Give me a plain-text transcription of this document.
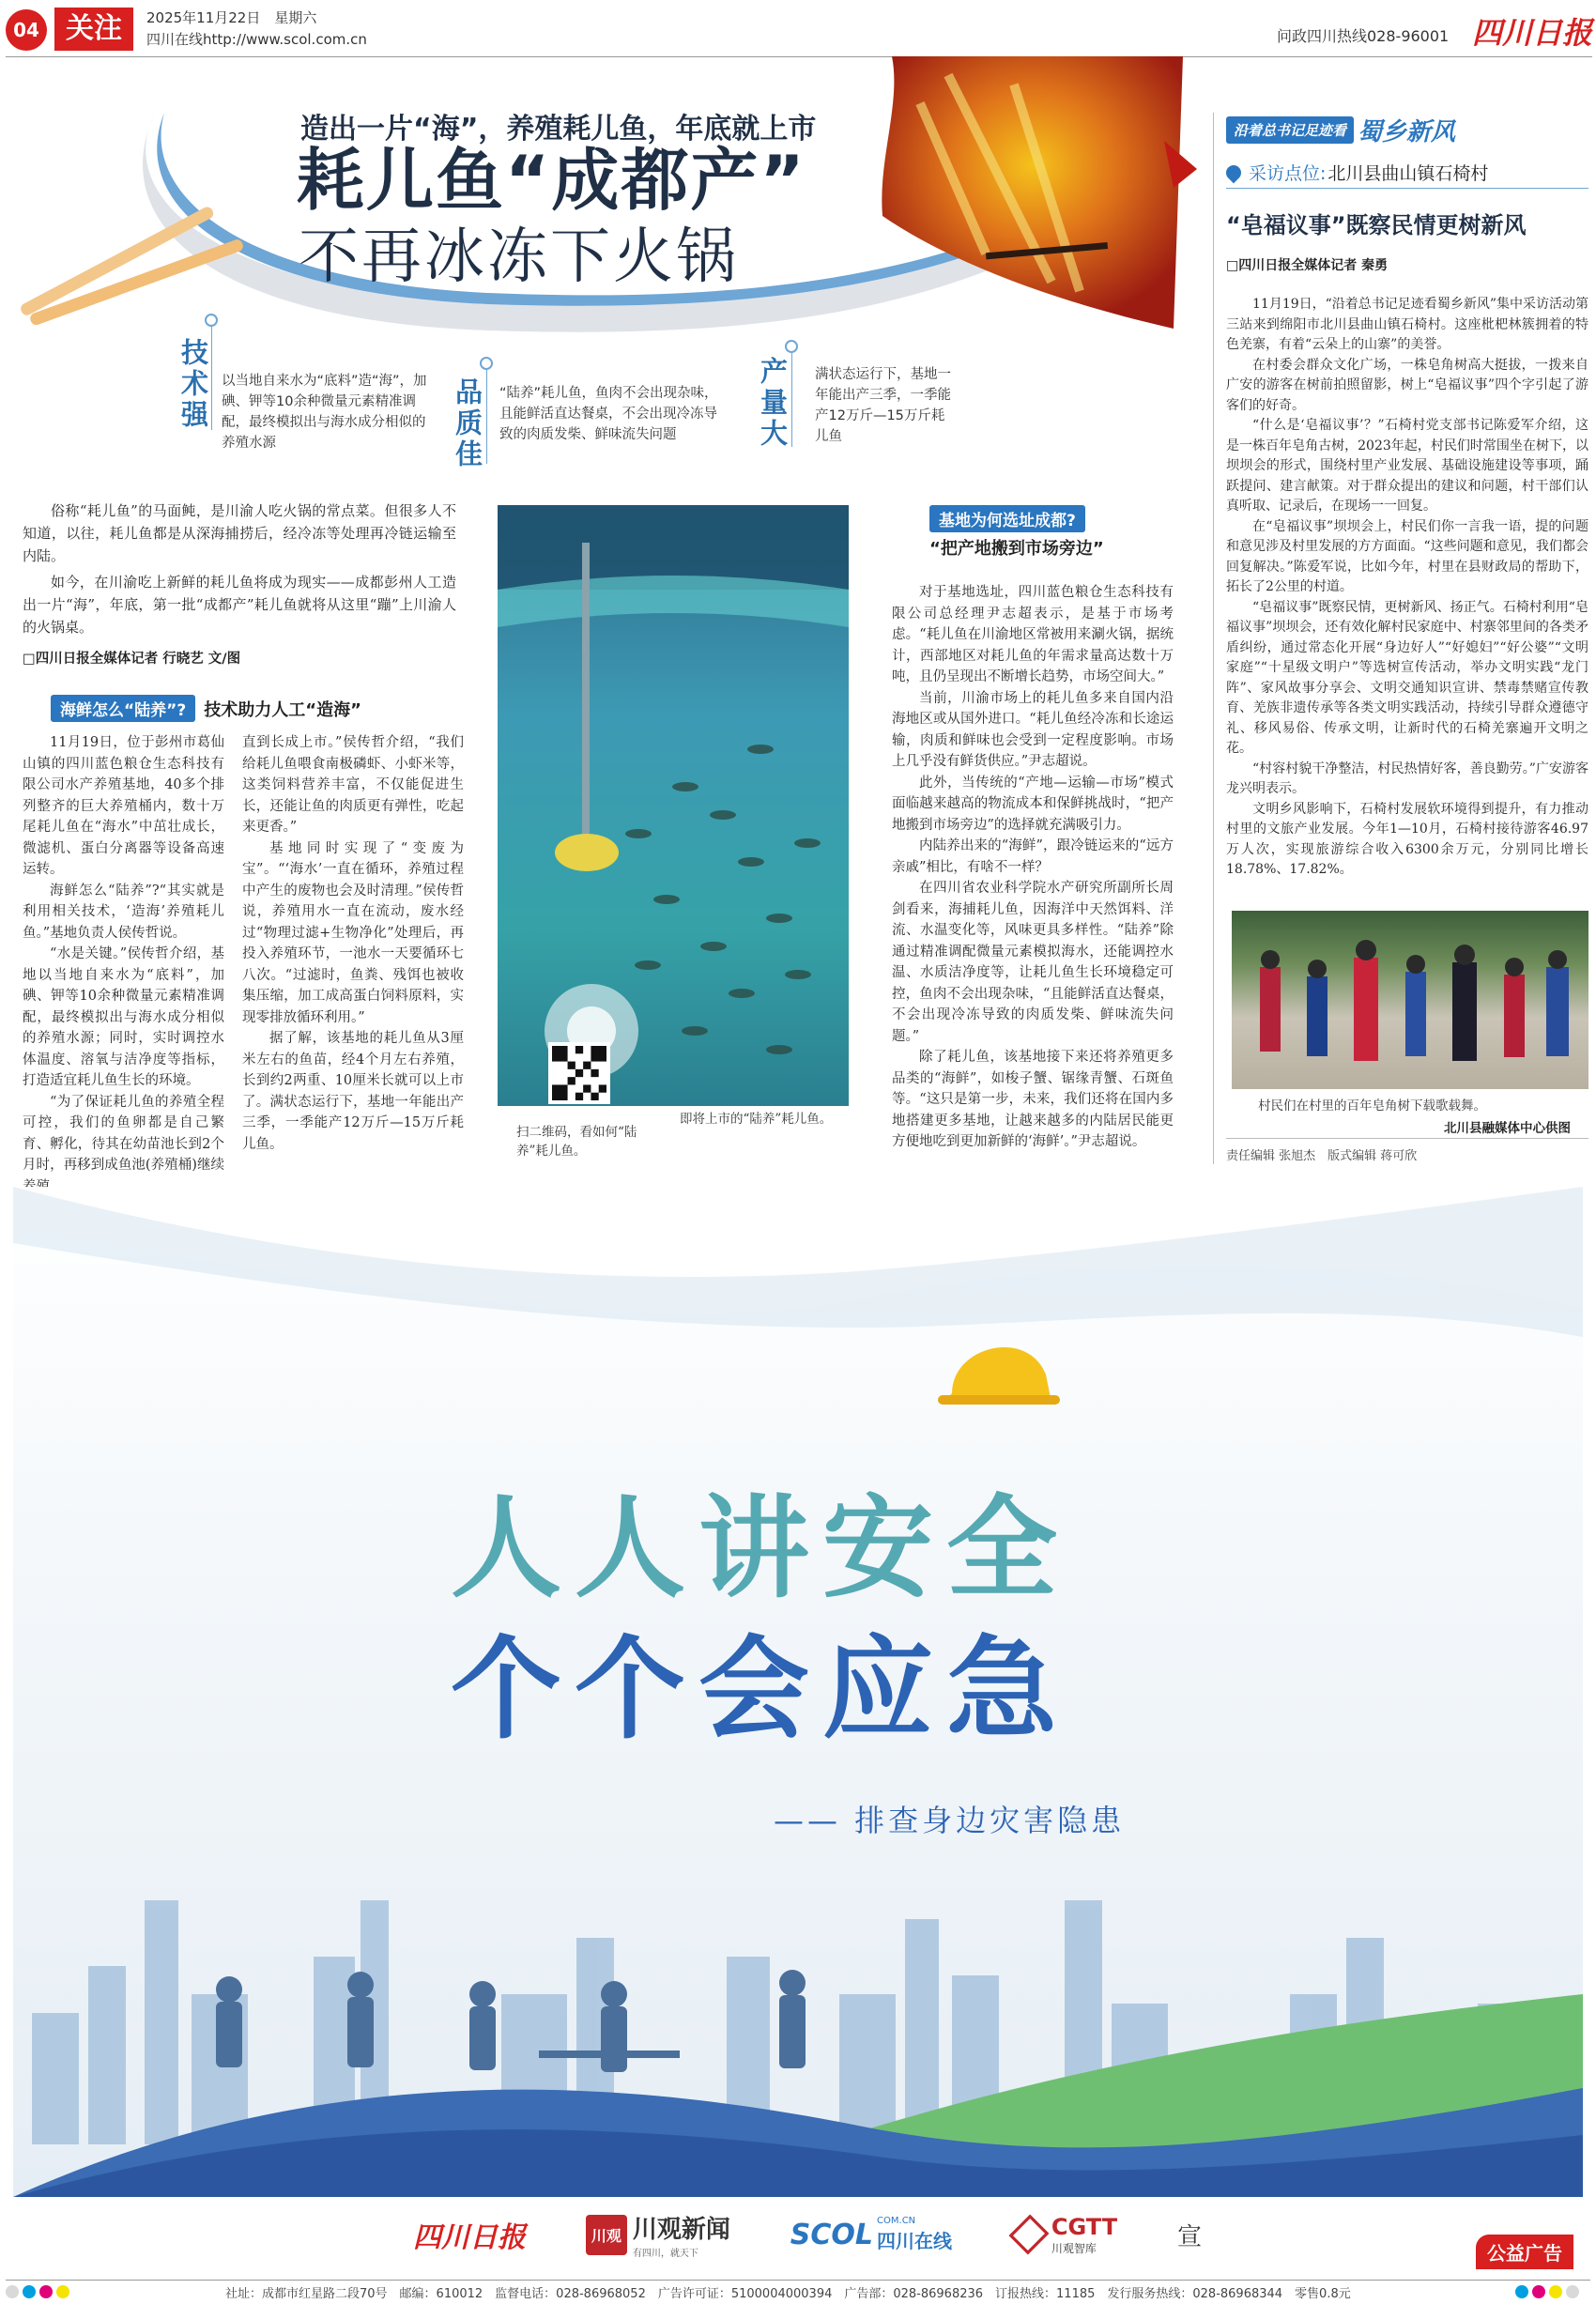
04 关注	2025年11月22日　星期六
四川在线http://www.scol.com.cn	问政四川热线028-96001 四川日报
造出一片“海”，养殖耗儿鱼，年底就上市
耗儿鱼“成都产”
不再冰冻下火锅
技术强 以当地自来水为“底料”造“海”，加碘、钾等10余种微量元素精准调配，最终模拟出与海水成分相似的养殖水源	品质佳 “陆养”耗儿鱼，鱼肉不会出现杂味，且能鲜活直达餐桌，不会出现冷冻导致的肉质发柴、鲜味流失问题	产量大 满状态运行下，基地一年能出产三季，一季能产12万斤—15万斤耗儿鱼

俗称“耗儿鱼”的马面鲀，是川渝人吃火锅的常点菜。但很多人不知道，以往，耗儿鱼都是从深海捕捞后，经冷冻等处理再冷链运输至内陆。

如今，在川渝吃上新鲜的耗儿鱼将成为现实——成都彭州人工造出一片“海”，年底，第一批“成都产”耗儿鱼就将从这里“蹦”上川渝人的火锅桌。

□四川日报全媒体记者 行晓艺 文/图
海鲜怎么“陆养”? 技术助力人工“造海”

11月19日，位于彭州市葛仙山镇的四川蓝色粮仓生态科技有限公司水产养殖基地，40多个排列整齐的巨大养殖桶内，数十万尾耗儿鱼在“海水”中茁壮成长，微滤机、蛋白分离器等设备高速运转。

海鲜怎么“陆养”?“其实就是利用相关技术，‘造海’养殖耗儿鱼。”基地负责人侯传哲说。

“水是关键。”侯传哲介绍，基地以当地自来水为“底料”，加碘、钾等10余种微量元素精准调配，最终模拟出与海水成分相似的养殖水源；同时，实时调控水体温度、溶氧与洁净度等指标，打造适宜耗儿鱼生长的环境。

“为了保证耗儿鱼的养殖全程可控，我们的鱼卵都是自己繁育、孵化，待其在幼苗池长到2个月时，再移到成鱼池(养殖桶)继续

直到长成上市。”侯传哲介绍，“我们给耗儿鱼喂食南极磷虾、小虾米等，这类饲料营养丰富，不仅能促进生长，还能让鱼的肉质更有弹性，吃起来更香。”

基地同时实现了“变废为宝”。“‘海水’一直在循环，养殖过程中产生的废物也会及时清理。”侯传哲说，养殖用水一直在流动，废水经过“物理过滤+生物净化”处理后，再投入养殖环节，一池水一天要循环七八次。“过滤时，鱼粪、残饵也被收集压缩，加工成高蛋白饲料原料，实现零排放循环利用。”

据了解，该基地的耗儿鱼从3厘米左右的鱼苗，经4个月左右养殖，长到约2两重、10厘米长就可以上市了。满状态运行下，基地一年能出产三季，一季能产12万斤—15万斤耗儿鱼。

扫二维码，看如何“陆养”耗儿鱼。
即将上市的“陆养”耗儿鱼。
基地为何选址成都?
“把产地搬到市场旁边”

对于基地选址，四川蓝色粮仓生态科技有限公司总经理尹志超表示，是基于市场考虑。“耗儿鱼在川渝地区常被用来涮火锅，据统计，西部地区对耗儿鱼的年需求量高达数十万吨，且仍呈现出不断增长趋势，市场空间大。”

当前，川渝市场上的耗儿鱼多来自国内沿海地区或从国外进口。“耗儿鱼经冷冻和长途运输，肉质和鲜味也会受到一定程度影响。市场上几乎没有鲜货供应。”尹志超说。

此外，当传统的“产地—运输—市场”模式面临越来越高的物流成本和保鲜挑战时，“把产地搬到市场旁边”的选择就充满吸引力。

内陆养出来的“海鲜”，跟冷链运来的“远方亲戚”相比，有啥不一样？

在四川省农业科学院水产研究所副所长周剑看来，海捕耗儿鱼，因海洋中天然饵料、洋流、水温变化等，风味更具多样性。“陆养”除通过精准调配微量元素模拟海水，还能调控水温、水质洁净度等，让耗儿鱼生长环境稳定可控，鱼肉不会出现杂味，“且能鲜活直达餐桌，不会出现冷冻导致的肉质发柴、鲜味流失问题。”

除了耗儿鱼，该基地接下来还将养殖更多品类的“海鲜”，如梭子蟹、锯缘青蟹、石斑鱼等。“这只是第一步，未来，我们还将在国内多地搭建更多基地，让越来越多的内陆居民能更方便地吃到更加新鲜的‘海鲜’。”尹志超说。

沿着总书记足迹看 蜀乡新风
采访点位: 北川县曲山镇石椅村
“皂福议事”既察民情更树新风
□四川日报全媒体记者 秦勇

11月19日，“沿着总书记足迹看蜀乡新风”集中采访活动第三站来到绵阳市北川县曲山镇石椅村。这座枇杷林簇拥着的特色羌寨，有着“云朵上的山寨”的美誉。

在村委会群众文化广场，一株皂角树高大挺拔，一拨来自广安的游客在树前拍照留影，树上“皂福议事”四个字引起了游客们的好奇。

“什么是‘皂福议事’？”石椅村党支部书记陈爱军介绍，这是一株百年皂角古树，2023年起，村民们时常围坐在树下，以坝坝会的形式，围绕村里产业发展、基础设施建设等事项，踊跃提问、建言献策。对于群众提出的建议和问题，村干部们认真听取、记录后，在现场一一回复。

在“皂福议事”坝坝会上，村民们你一言我一语，提的问题和意见涉及村里发展的方方面面。“这些问题和意见，我们都会回复解决。”陈爱军说，比如今年，村里在县财政局的帮助下，拓长了2公里的村道。

“皂福议事”既察民情，更树新风、扬正气。石椅村利用“皂福议事”坝坝会，还有效化解村民家庭中、村寨邻里间的各类矛盾纠纷，通过常态化开展“身边好人”“好媳妇”“好公婆”“文明家庭”“十星级文明户”等选树宣传活动，举办文明实践“龙门阵”、家风故事分享会、文明交通知识宣讲、禁毒禁赌宣传教育、羌族非遗传承等各类文明实践活动，持续引导群众遵德守礼、移风易俗、传承文明，让新时代的石椅羌寨遍开文明之花。

“村容村貌干净整洁，村民热情好客，善良勤劳。”广安游客龙兴明表示。

文明乡风影响下，石椅村发展软环境得到提升，有力推动村里的文旅产业发展。今年1—10月，石椅村接待游客46.97万人次，实现旅游综合收入6300余万元，分别同比增长18.78%、17.82%。

村民们在村里的百年皂角树下载歌载舞。
北川县融媒体中心供图
责任编辑 张旭杰　版式编辑 蒋可欣
人人讲安全
个个会应急
—— 排查身边灾害隐患
四川日报	川观 川观新闻
有四川，就天下
SCOL COM.CN
四川在线
CGTT
川观智库	宣
公益广告
社址：成都市红星路二段70号　邮编：610012　监督电话：028-86968052　广告许可证：5100004000394　广告部：028-86968236　订报热线：11185　发行服务热线：028-86968344　零售0.8元
